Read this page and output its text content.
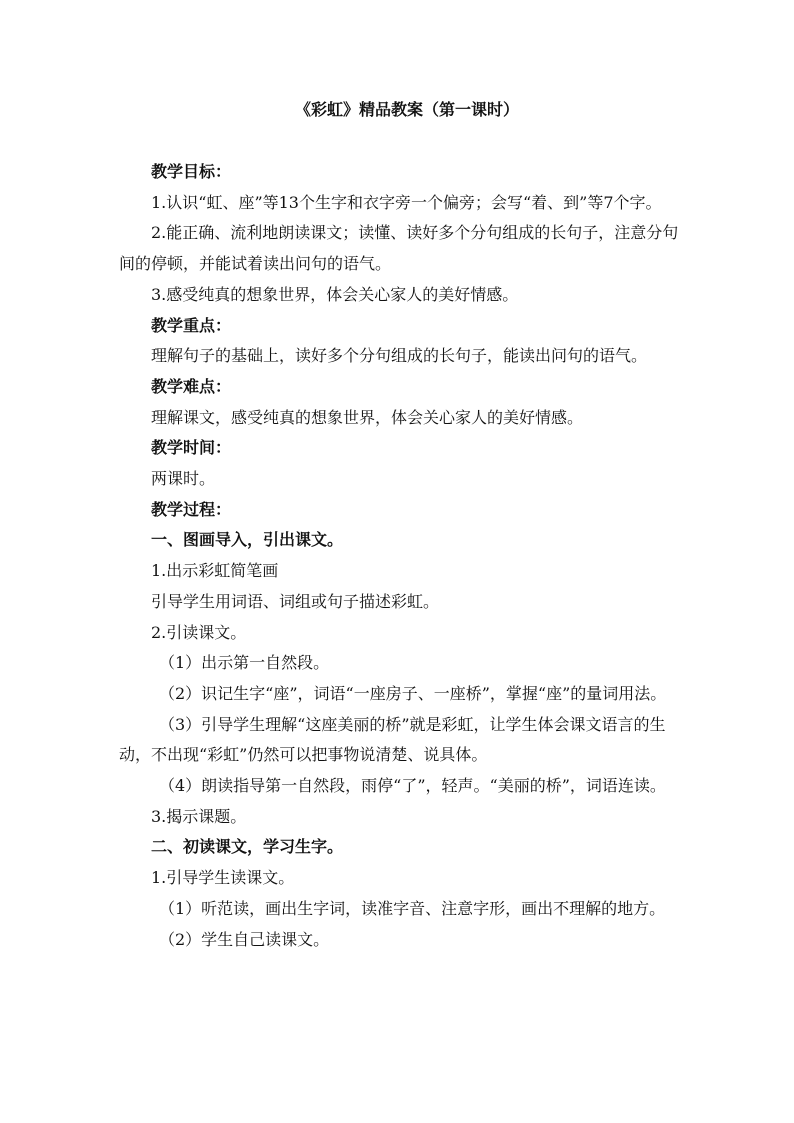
《彩虹》精品教案（第一课时）

教学目标：

1.认识“虹、座”等13个生字和衣字旁一个偏旁；会写“着、到”等7个字。

2.能正确、流利地朗读课文；读懂、读好多个分句组成的长句子，注意分句间的停顿，并能试着读出问句的语气。

3.感受纯真的想象世界，体会关心家人的美好情感。

教学重点：

理解句子的基础上，读好多个分句组成的长句子，能读出问句的语气。

教学难点：

理解课文，感受纯真的想象世界，体会关心家人的美好情感。

教学时间：

两课时。

教学过程：

一、图画导入，引出课文。

1.出示彩虹简笔画

引导学生用词语、词组或句子描述彩虹。

2.引读课文。

（1）出示第一自然段。

（2）识记生字“座”，词语“一座房子、一座桥”，掌握“座”的量词用法。

（3）引导学生理解“这座美丽的桥”就是彩虹，让学生体会课文语言的生动，不出现“彩虹”仍然可以把事物说清楚、说具体。

（4）朗读指导第一自然段，雨停“了”，轻声。“美丽的桥”，词语连读。

3.揭示课题。

二、初读课文，学习生字。

1.引导学生读课文。

（1）听范读，画出生字词，读准字音、注意字形，画出不理解的地方。

（2）学生自己读课文。
